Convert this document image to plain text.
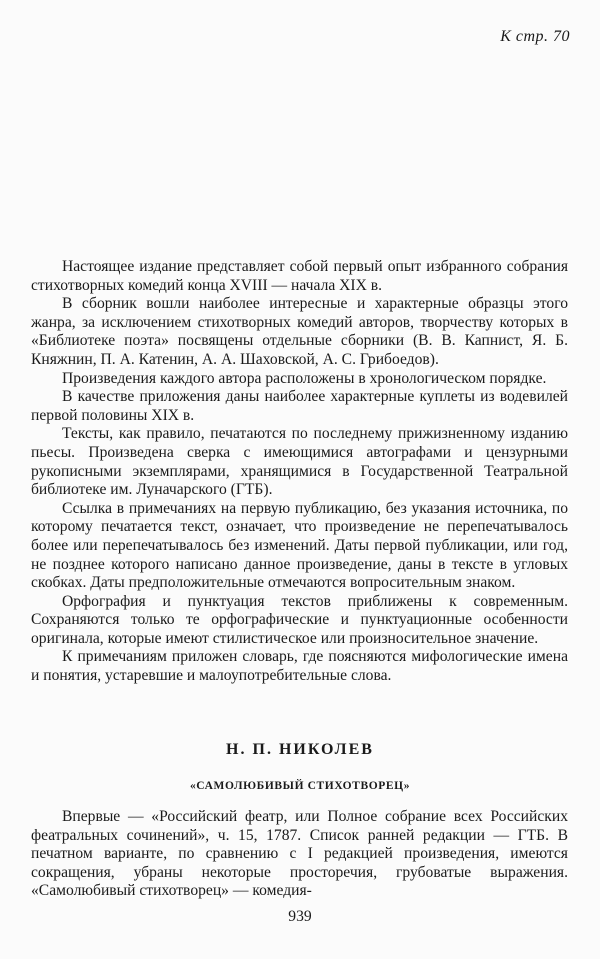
К стр. 70

Настоящее издание представляет собой первый опыт избранного собрания стихотворных комедий конца XVIII — начала XIX в.

В сборник вошли наиболее интересные и характерные образцы этого жанра, за исключением стихотворных комедий авторов, творчеству которых в «Библиотеке поэта» посвящены отдельные сборники (В. В. Капнист, Я. Б. Княжнин, П. А. Катенин, А. А. Шаховской, А. С. Грибоедов).

Произведения каждого автора расположены в хронологическом порядке.

В качестве приложения даны наиболее характерные куплеты из водевилей первой половины XIX в.

Тексты, как правило, печатаются по последнему прижизненному изданию пьесы. Произведена сверка с имеющимися автографами и цензурными рукописными экземплярами, хранящимися в Государственной Театральной библиотеке им. Луначарского (ГТБ).

Ссылка в примечаниях на первую публикацию, без указания источника, по которому печатается текст, означает, что произведение не перепечатывалось более или перепечатывалось без изменений. Даты первой публикации, или год, не позднее которого написано данное произведение, даны в тексте в угловых скобках. Даты предположительные отмечаются вопросительным знаком.

Орфография и пунктуация текстов приближены к современным. Сохраняются только те орфографические и пунктуационные особенности оригинала, которые имеют стилистическое или произносительное значение.

К примечаниям приложен словарь, где поясняются мифологические имена и понятия, устаревшие и малоупотребительные слова.

Н. П. НИКОЛЕВ
«САМОЛЮБИВЫЙ СТИХОТВОРЕЦ»

Впервые — «Российский феатр, или Полное собрание всех Российских феатральных сочинений», ч. 15, 1787. Список ранней редакции — ГТБ. В печатном варианте, по сравнению с I редакцией произведения, имеются сокращения, убраны некоторые просторечия, грубоватые выражения. «Самолюбивый стихотворец» — комедия-

939
